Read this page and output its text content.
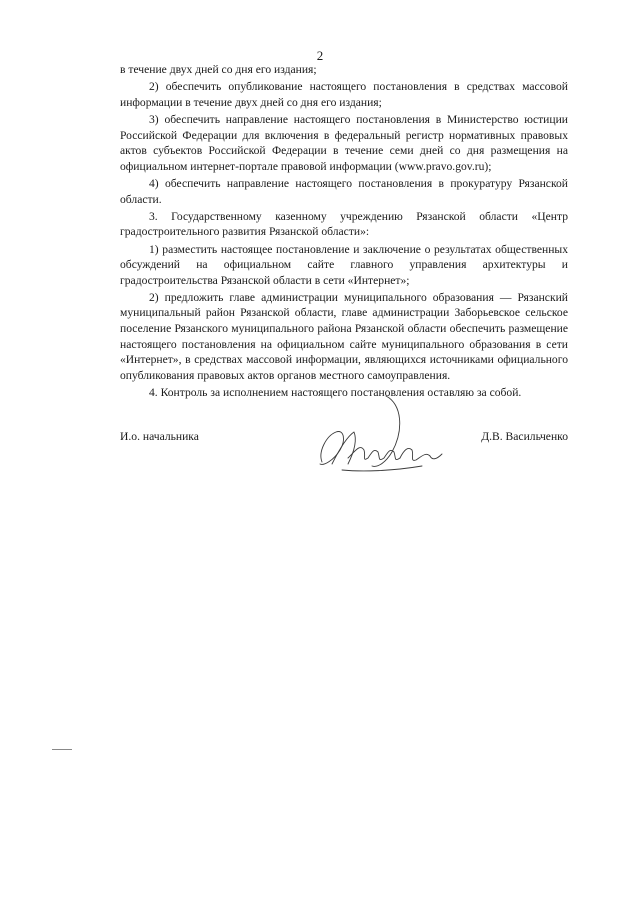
2

в течение двух дней со дня его издания;

2) обеспечить опубликование настоящего постановления в средствах массовой информации в течение двух дней со дня его издания;

3) обеспечить направление настоящего постановления в Министерство юстиции Российской Федерации для включения в федеральный регистр нормативных правовых актов субъектов Российской Федерации в течение семи дней со дня размещения на официальном интернет-портале правовой информации (www.pravo.gov.ru);

4) обеспечить направление настоящего постановления в прокуратуру Рязанской области.

3. Государственному казенному учреждению Рязанской области «Центр градостроительного развития Рязанской области»:

1) разместить настоящее постановление и заключение о результатах общественных обсуждений на официальном сайте главного управления архитектуры и градостроительства Рязанской области в сети «Интернет»;

2) предложить главе администрации муниципального образования — Рязанский муниципальный район Рязанской области, главе администрации Заборьевское сельское поселение Рязанского муниципального района Рязанской области обеспечить размещение настоящего постановления на официальном сайте муниципального образования в сети «Интернет», в средствах массовой информации, являющихся источниками официального опубликования правовых актов органов местного самоуправления.

4. Контроль за исполнением настоящего постановления оставляю за собой.

И.о. начальника	Д.В. Васильченко
